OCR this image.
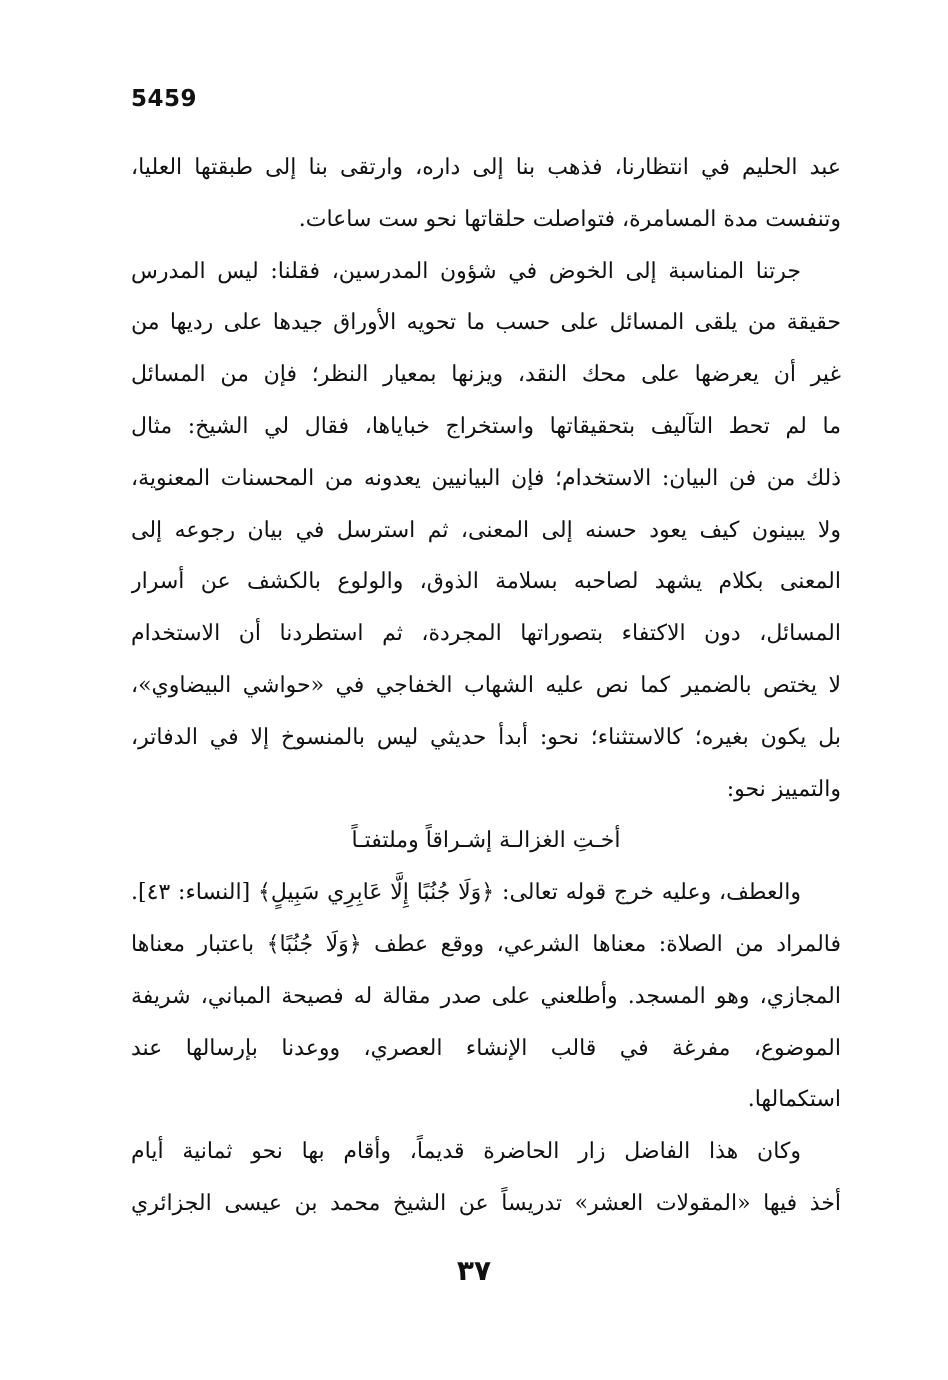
5459
عبد الحليم في انتظارنا، فذهب بنا إلى داره، وارتقى بنا إلى طبقتها العليا،
وتنفست مدة المسامرة، فتواصلت حلقاتها نحو ست ساعات.
جرتنا المناسبة إلى الخوض في شؤون المدرسين، فقلنا: ليس المدرس
حقيقة من يلقى المسائل على حسب ما تحويه الأوراق جيدها على رديها من
غير أن يعرضها على محك النقد، ويزنها بمعيار النظر؛ فإن من المسائل
ما لم تحط التآليف بتحقيقاتها واستخراج خباياها، فقال لي الشيخ: مثال
ذلك من فن البيان: الاستخدام؛ فإن البيانيين يعدونه من المحسنات المعنوية،
ولا يبينون كيف يعود حسنه إلى المعنى، ثم استرسل في بيان رجوعه إلى
المعنى بكلام يشهد لصاحبه بسلامة الذوق، والولوع بالكشف عن أسرار
المسائل، دون الاكتفاء بتصوراتها المجردة، ثم استطردنا أن الاستخدام
لا يختص بالضمير كما نص عليه الشهاب الخفاجي في «حواشي البيضاوي»،
بل يكون بغيره؛ كالاستثناء؛ نحو: أبدأ حديثي ليس بالمنسوخ إلا في الدفاتر،
والتمييز نحو:
أخـتِ الغزالـة إشـراقاً وملتفتـاً
والعطف، وعليه خرج قوله تعالى: ﴿وَلَا جُنُبًا إِلَّا عَابِرِي سَبِيلٍ﴾ [النساء: ٤٣].
فالمراد من الصلاة: معناها الشرعي، ووقع عطف ﴿وَلَا جُنُبًا﴾ باعتبار معناها
المجازي، وهو المسجد. وأطلعني على صدر مقالة له فصيحة المباني، شريفة
الموضوع، مفرغة في قالب الإنشاء العصري، ووعدنا بإرسالها عند
استكمالها.
وكان هذا الفاضل زار الحاضرة قديماً، وأقام بها نحو ثمانية أيام
أخذ فيها «المقولات العشر» تدريساً عن الشيخ محمد بن عيسى الجزائري
٣٧
